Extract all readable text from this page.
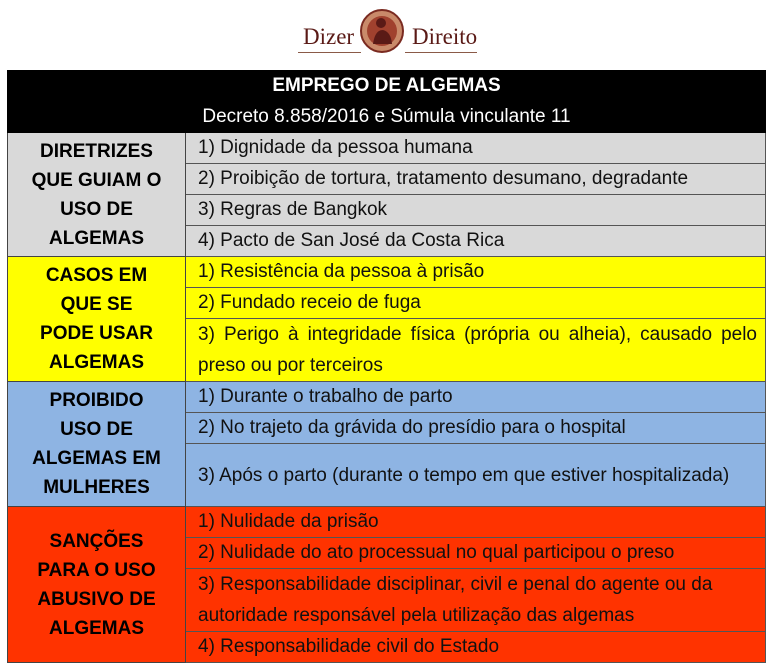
Dizer	Direito
EMPREGO DE ALGEMAS	
Decreto 8.858/2016 e Súmula vinculante 11	

DIRETRIZES
QUE GUIAM O
USO DE
ALGEMAS	1) Dignidade da pessoa humana
	2) Proibição de tortura, tratamento desumano, degradante
	3) Regras de Bangkok
	4) Pacto de San José da Costa Rica

CASOS EM
QUE SE
PODE USAR
ALGEMAS	1) Resistência da pessoa à prisão
	2) Fundado receio de fuga
	3) Perigo à integridade física (própria ou alheia), causado pelo preso ou por terceiros

PROIBIDO
USO DE
ALGEMAS EM
MULHERES	1) Durante o trabalho de parto
	2) No trajeto da grávida do presídio para o hospital
	3) Após o parto (durante o tempo em que estiver hospitalizada)

SANÇÕES
PARA O USO
ABUSIVO DE
ALGEMAS	1) Nulidade da prisão
	2) Nulidade do ato processual no qual participou o preso
	3) Responsabilidade disciplinar, civil e penal do agente ou da autoridade responsável pela utilização das algemas
	4) Responsabilidade civil do Estado
